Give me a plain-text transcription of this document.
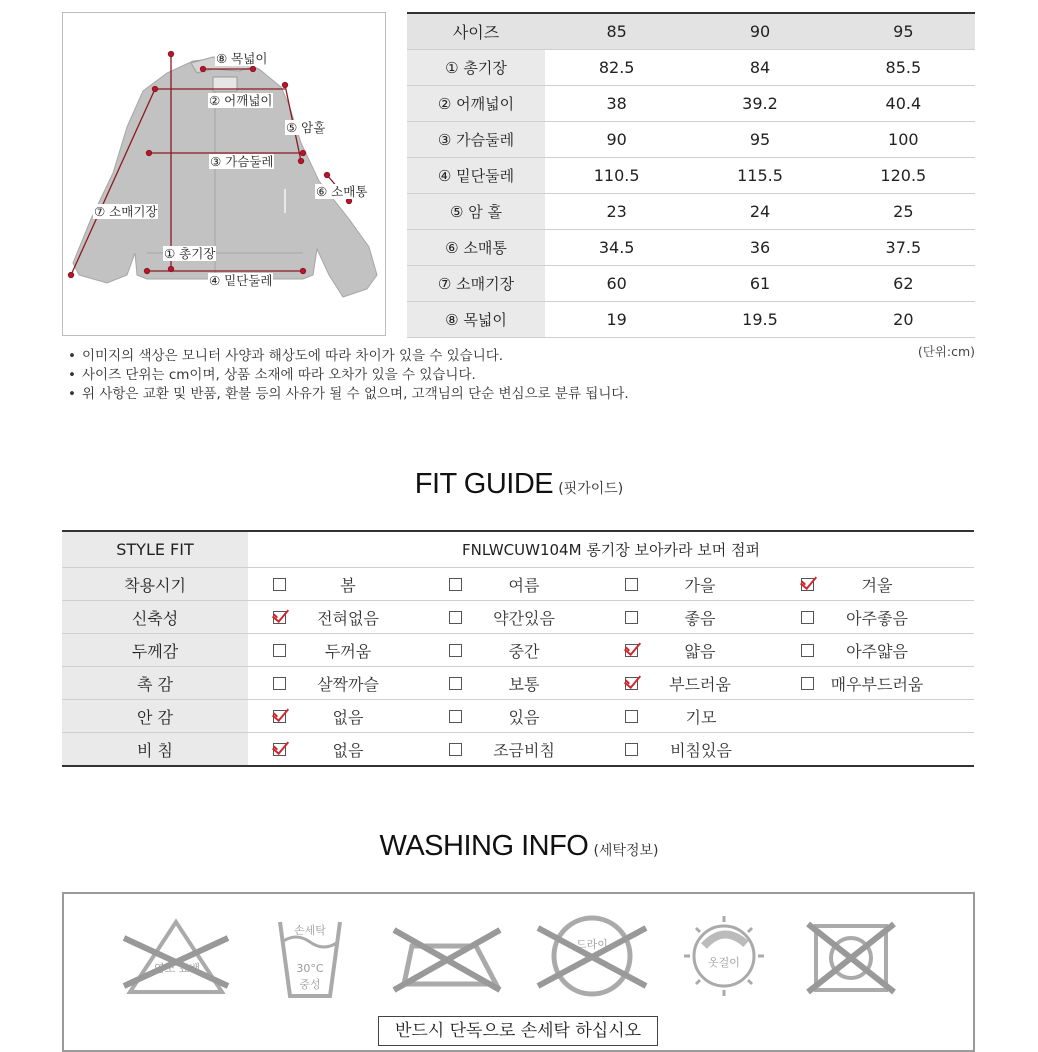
⑧ 목넓이
② 어깨넓이
⑤ 암홀
③ 가슴둘레
⑥ 소매통
⑦ 소매기장
① 총기장
④ 밑단둘레
사이즈	85	90	95
① 총기장	82.5	84	85.5
② 어깨넓이	38	39.2	40.4
③ 가슴둘레	90	95	100
④ 밑단둘레	110.5	115.5	120.5
⑤ 암 홀	23	24	25
⑥ 소매통	34.5	36	37.5
⑦ 소매기장	60	61	62
⑧ 목넓이	19	19.5	20
(단위:cm)
• 이미지의 색상은 모니터 사양과 해상도에 따라 차이가 있을 수 있습니다.
• 사이즈 단위는 cm이며, 상품 소재에 따라 오차가 있을 수 있습니다.
• 위 사항은 교환 및 반품, 환불 등의 사유가 될 수 없으며, 고객님의 단순 변심으로 분류 됩니다.
FIT GUIDE (핏가이드)
STYLE FIT	FNLWCUW104M 롱기장 보아카라 보머 점퍼
착용시기	봄 여름 가을 겨울

신축성	전혀없음 약간있음 좋음 아주좋음

두께감	두꺼움 중간 얇음 아주얇음

촉 감	살짝까슬 보통 부드러움 매우부드러움

안 감	없음 있음 기모

비 침	없음 조금비침 비침있음
WASHING INFO (세탁정보)
염소 표백
손세탁
30°C
중성
드라이
옷걸이
반드시 단독으로 손세탁 하십시오
